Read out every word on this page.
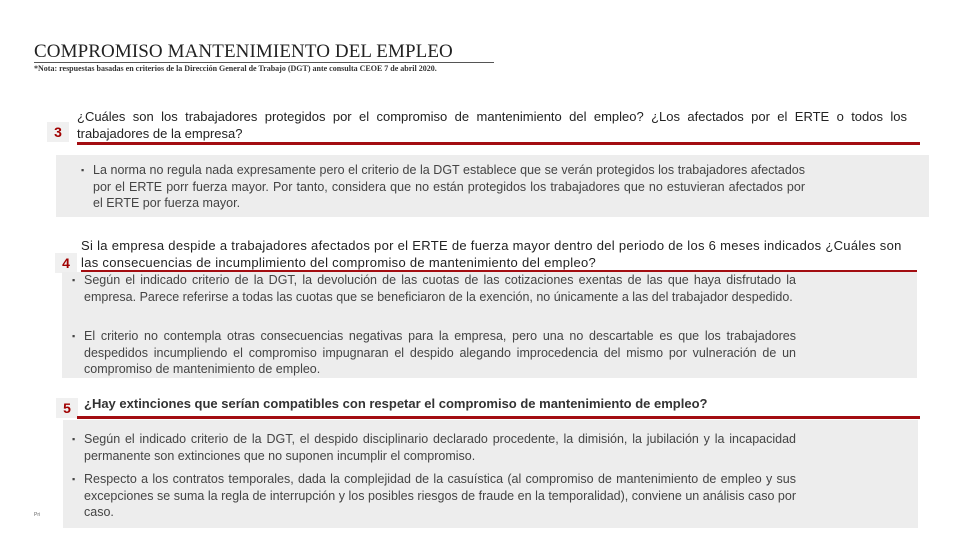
COMPROMISO MANTENIMIENTO DEL EMPLEO
*Nota: respuestas basadas en criterios de la Dirección General de Trabajo (DGT) ante consulta CEOE 7 de abril 2020.
3
¿Cuáles son los trabajadores protegidos por el compromiso de mantenimiento del empleo? ¿Los afectados por el ERTE o todos los trabajadores de la empresa?
▪ La norma no regula nada expresamente pero el criterio de la DGT establece que se verán protegidos los trabajadores afectados por el ERTE porr fuerza mayor. Por tanto, considera que no están protegidos los trabajadores que no estuvieran afectados por el ERTE por fuerza mayor.
4
Si la empresa despide a trabajadores afectados por el ERTE de fuerza mayor dentro del periodo de los 6 meses indicados ¿Cuáles son las consecuencias de incumplimiento del compromiso de mantenimiento del empleo?
▪ Según el indicado criterio de la DGT, la devolución de las cuotas de las cotizaciones exentas de las que haya disfrutado la empresa. Parece referirse a todas las cuotas que se beneficiaron de la exención, no únicamente a las del trabajador despedido.
▪ El criterio no contempla otras consecuencias negativas para la empresa, pero una no descartable es que los trabajadores despedidos incumpliendo el compromiso impugnaran el despido alegando improcedencia del mismo por vulneración de un compromiso de mantenimiento de empleo.
5	¿Hay extinciones que serían compatibles con respetar el compromiso de mantenimiento de empleo?
▪ Según el indicado criterio de la DGT, el despido disciplinario declarado procedente, la dimisión, la jubilación y la incapacidad permanente son extinciones que no suponen incumplir el compromiso.
▪ Respecto a los contratos temporales, dada la complejidad de la casuística (al compromiso de mantenimiento de empleo y sus excepciones se suma la regla de interrupción y los posibles riesgos de fraude en la temporalidad), conviene un análisis caso por caso.
Pri
